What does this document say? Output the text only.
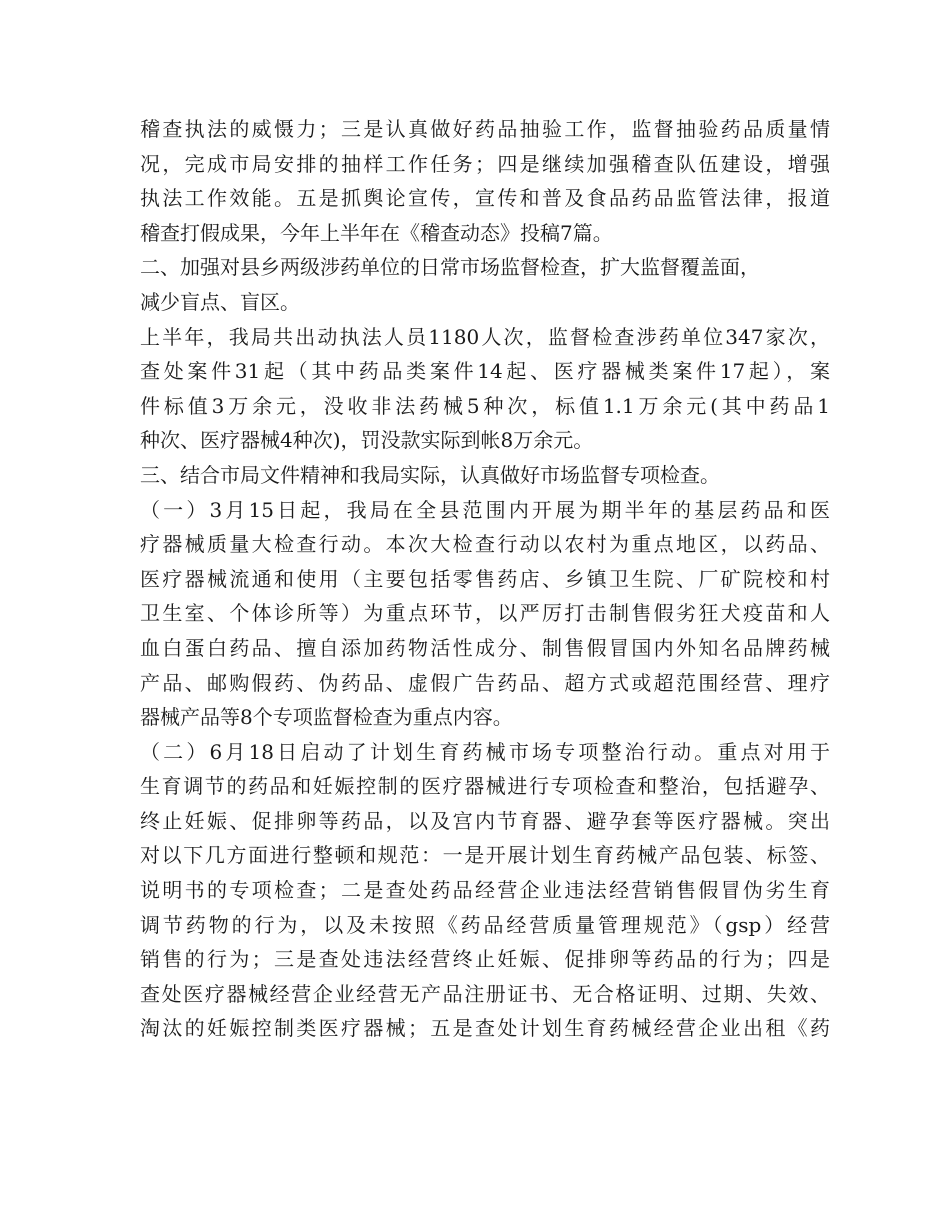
稽查执法的威慑力；三是认真做好药品抽验工作，监督抽验药品质量情
况，完成市局安排的抽样工作任务；四是继续加强稽查队伍建设，增强
执法工作效能。五是抓舆论宣传，宣传和普及食品药品监管法律，报道
稽查打假成果，今年上半年在《稽查动态》投稿7篇。
二、加强对县乡两级涉药单位的日常市场监督检查，扩大监督覆盖面，
减少盲点、盲区。
上半年，我局共出动执法人员1180人次，监督检查涉药单位347家次，
查处案件31起（其中药品类案件14起、医疗器械类案件17起），案
件标值3万余元，没收非法药械5种次，标值1.1万余元(其中药品1
种次、医疗器械4种次)，罚没款实际到帐8万余元。
三、结合市局文件精神和我局实际，认真做好市场监督专项检查。
（一）3月15日起，我局在全县范围内开展为期半年的基层药品和医
疗器械质量大检查行动。本次大检查行动以农村为重点地区，以药品、
医疗器械流通和使用（主要包括零售药店、乡镇卫生院、厂矿院校和村
卫生室、个体诊所等）为重点环节，以严厉打击制售假劣狂犬疫苗和人
血白蛋白药品、擅自添加药物活性成分、制售假冒国内外知名品牌药械
产品、邮购假药、伪药品、虚假广告药品、超方式或超范围经营、理疗
器械产品等8个专项监督检查为重点内容。
（二）6月18日启动了计划生育药械市场专项整治行动。重点对用于
生育调节的药品和妊娠控制的医疗器械进行专项检查和整治，包括避孕、
终止妊娠、促排卵等药品，以及宫内节育器、避孕套等医疗器械。突出
对以下几方面进行整顿和规范：一是开展计划生育药械产品包装、标签、
说明书的专项检查；二是查处药品经营企业违法经营销售假冒伪劣生育
调节药物的行为，以及未按照《药品经营质量管理规范》（gsp）经营
销售的行为；三是查处违法经营终止妊娠、促排卵等药品的行为；四是
查处医疗器械经营企业经营无产品注册证书、无合格证明、过期、失效、
淘汰的妊娠控制类医疗器械；五是查处计划生育药械经营企业出租《药
